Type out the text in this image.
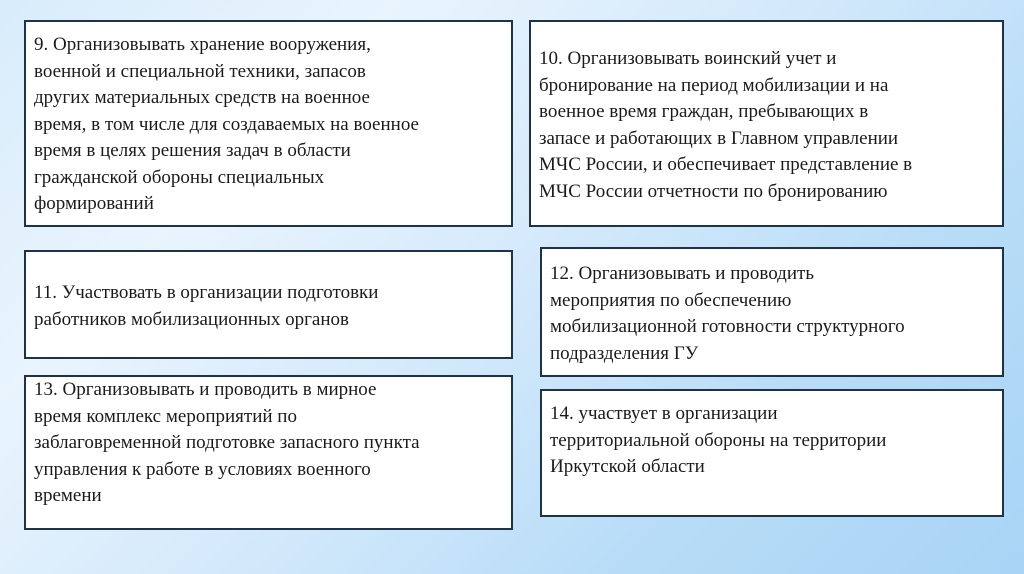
9. Организовывать хранение вооружения,
военной и специальной техники, запасов
других материальных средств на военное
время, в том числе для создаваемых на военное
время в целях решения задач в области
гражданской обороны специальных
формирований
10. Организовывать воинский учет и
бронирование на период мобилизации и на
военное время граждан, пребывающих в
запасе и работающих в Главном управлении
МЧС России, и обеспечивает представление в
МЧС России отчетности по бронированию
11. Участвовать в организации подготовки
работников мобилизационных органов
12. Организовывать и проводить
мероприятия по обеспечению
мобилизационной готовности структурного
подразделения ГУ
13. Организовывать и проводить в мирное
время комплекс мероприятий по
заблаговременной подготовке запасного пункта
управления к работе в условиях военного
времени
14. участвует в организации
территориальной обороны на территории
Иркутской области
